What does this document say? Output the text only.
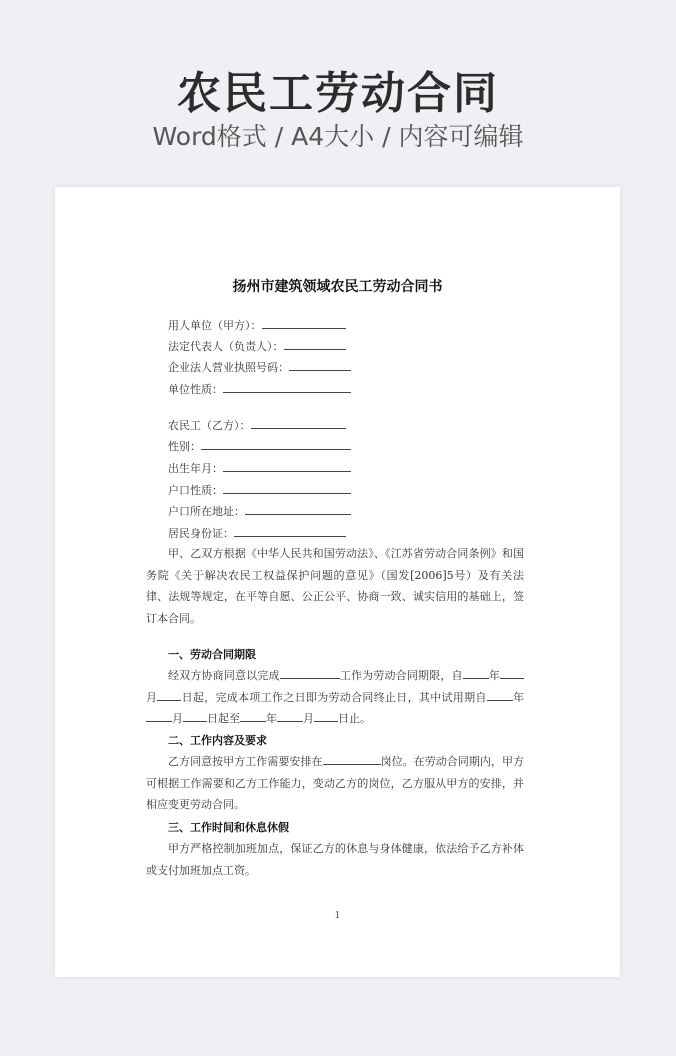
农民工劳动合同
Word格式 / A4大小 / 内容可编辑
扬州市建筑领域农民工劳动合同书
用人单位（甲方）：
法定代表人（负责人）：
企业法人营业执照号码：
单位性质：
农民工（乙方）：
性别：
出生年月：
户口性质：
户口所在地址：
居民身份证：
甲、乙双方根据《中华人民共和国劳动法》、《江苏省劳动合同条例》和国务院《关于解决农民工权益保护问题的意见》（国发[2006]5号）及有关法律、法规等规定，在平等自愿、公正公平、协商一致、诚实信用的基础上，签订本合同。
一、劳动合同期限
经双方协商同意以完成	工作为劳动合同期限，自 年月 日起，完成本项工作之日即为劳动合同终止日，其中试用期自 年月 日起至 年 月 日止。
二、工作内容及要求
乙方同意按甲方工作需要安排在	岗位。在劳动合同期内，甲方可根据工作需要和乙方工作能力，变动乙方的岗位，乙方服从甲方的安排，并相应变更劳动合同。
三、工作时间和休息休假
甲方严格控制加班加点，保证乙方的休息与身体健康，依法给予乙方补体或支付加班加点工资。
1
